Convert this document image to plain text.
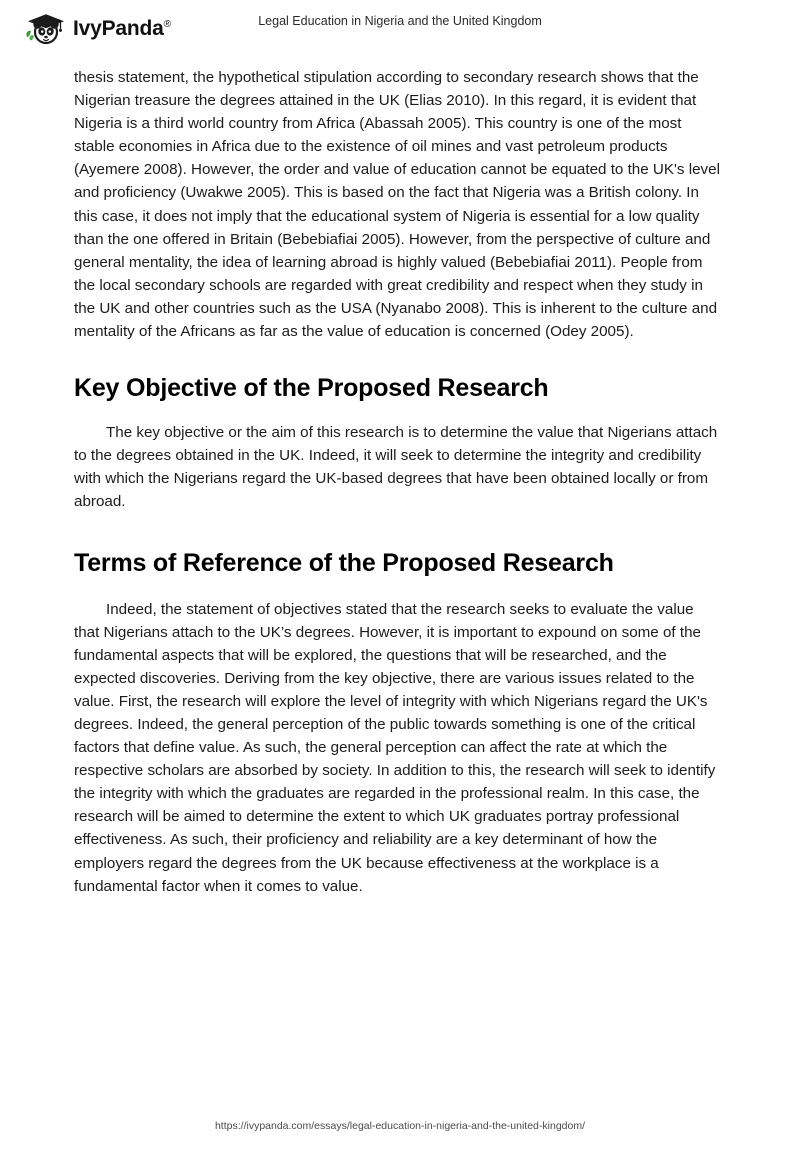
IvyPanda®	Legal Education in Nigeria and the United Kingdom

thesis statement, the hypothetical stipulation according to secondary research shows that the Nigerian treasure the degrees attained in the UK (Elias 2010). In this regard, it is evident that Nigeria is a third world country from Africa (Abassah 2005). This country is one of the most stable economies in Africa due to the existence of oil mines and vast petroleum products (Ayemere 2008). However, the order and value of education cannot be equated to the UK's level and proficiency (Uwakwe 2005). This is based on the fact that Nigeria was a British colony. In this case, it does not imply that the educational system of Nigeria is essential for a low quality than the one offered in Britain (Bebebiafiai 2005). However, from the perspective of culture and general mentality, the idea of learning abroad is highly valued (Bebebiafiai 2011). People from the local secondary schools are regarded with great credibility and respect when they study in the UK and other countries such as the USA (Nyanabo 2008). This is inherent to the culture and mentality of the Africans as far as the value of education is concerned (Odey 2005).

Key Objective of the Proposed Research

The key objective or the aim of this research is to determine the value that Nigerians attach to the degrees obtained in the UK. Indeed, it will seek to determine the integrity and credibility with which the Nigerians regard the UK-based degrees that have been obtained locally or from abroad.

Terms of Reference of the Proposed Research

Indeed, the statement of objectives stated that the research seeks to evaluate the value that Nigerians attach to the UK’s degrees. However, it is important to expound on some of the fundamental aspects that will be explored, the questions that will be researched, and the expected discoveries. Deriving from the key objective, there are various issues related to the value. First, the research will explore the level of integrity with which Nigerians regard the UK's degrees. Indeed, the general perception of the public towards something is one of the critical factors that define value. As such, the general perception can affect the rate at which the respective scholars are absorbed by society. In addition to this, the research will seek to identify the integrity with which the graduates are regarded in the professional realm. In this case, the research will be aimed to determine the extent to which UK graduates portray professional effectiveness. As such, their proficiency and reliability are a key determinant of how the employers regard the degrees from the UK because effectiveness at the workplace is a fundamental factor when it comes to value.

https://ivypanda.com/essays/legal-education-in-nigeria-and-the-united-kingdom/
